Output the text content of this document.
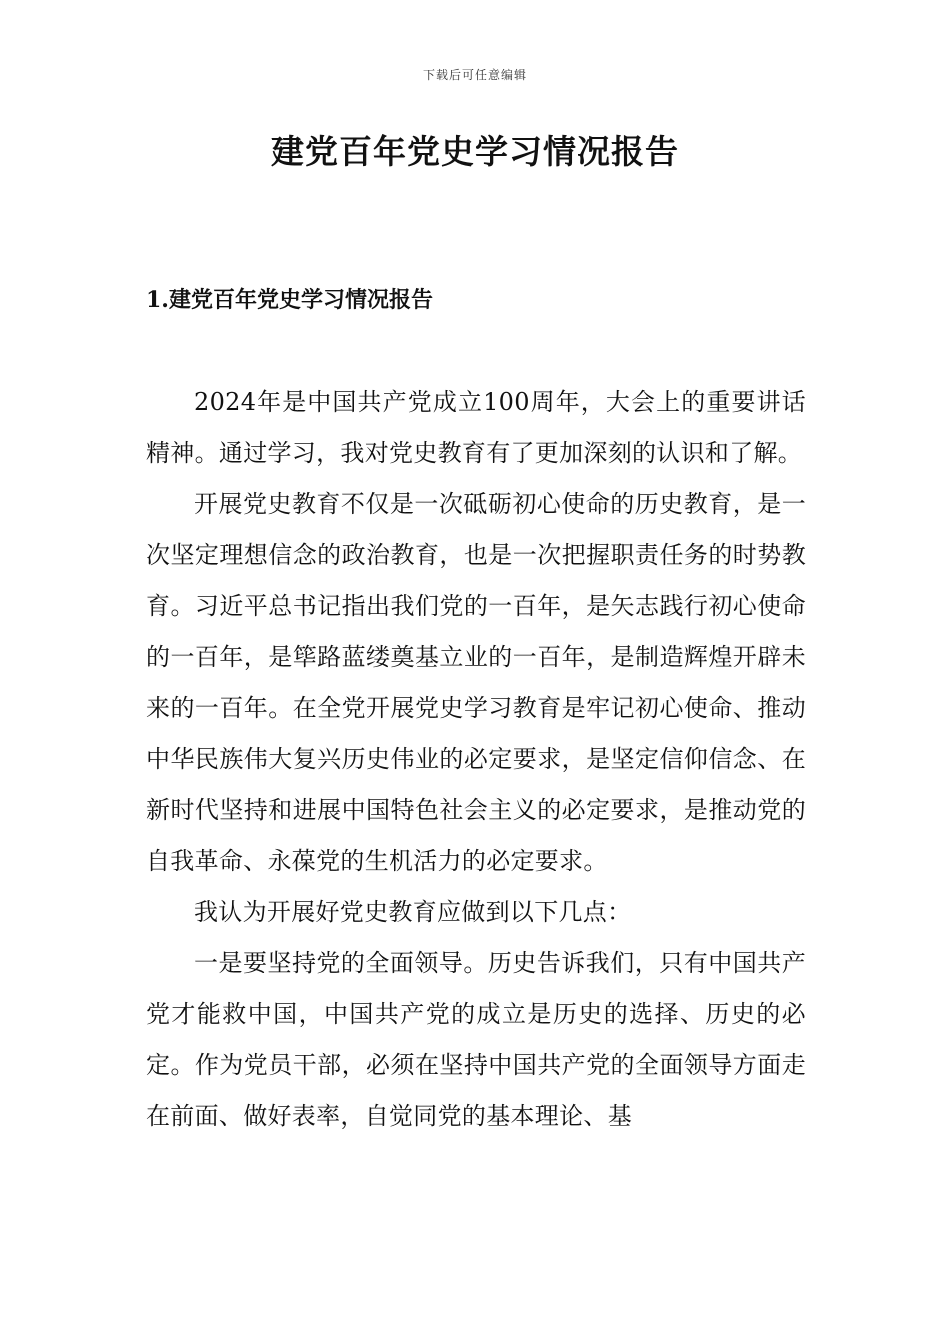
下载后可任意编辑
建党百年党史学习情况报告
1.建党百年党史学习情况报告

2024年是中国共产党成立100周年，大会上的重要讲话精神。通过学习，我对党史教育有了更加深刻的认识和了解。

开展党史教育不仅是一次砥砺初心使命的历史教育，是一次坚定理想信念的政治教育，也是一次把握职责任务的时势教育。习近平总书记指出我们党的一百年，是矢志践行初心使命的一百年，是筚路蓝缕奠基立业的一百年，是制造辉煌开辟未来的一百年。在全党开展党史学习教育是牢记初心使命、推动中华民族伟大复兴历史伟业的必定要求，是坚定信仰信念、在新时代坚持和进展中国特色社会主义的必定要求，是推动党的自我革命、永葆党的生机活力的必定要求。

我认为开展好党史教育应做到以下几点：

一是要坚持党的全面领导。历史告诉我们，只有中国共产党才能救中国，中国共产党的成立是历史的选择、历史的必定。作为党员干部，必须在坚持中国共产党的全面领导方面走在前面、做好表率，自觉同党的基本理论、基
